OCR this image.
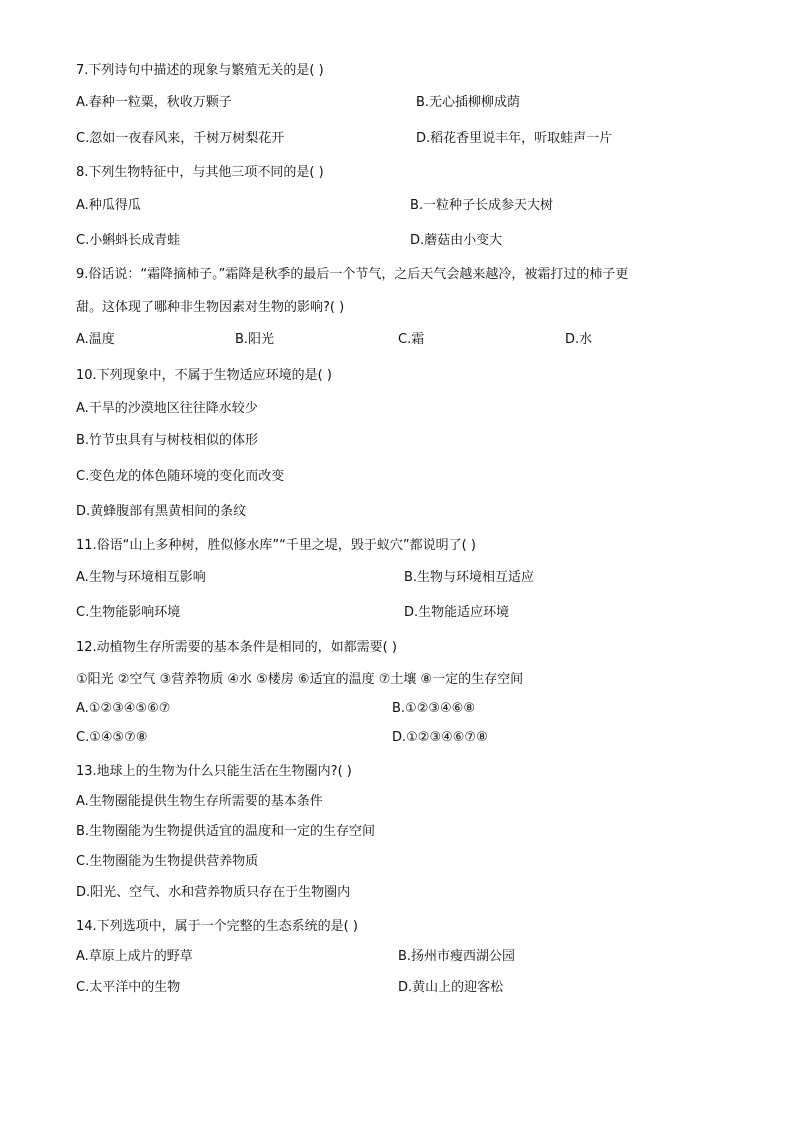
7.下列诗句中描述的现象与繁殖无关的是( )
A.春种一粒粟，秋收万颗子	B.无心插柳柳成荫
C.忽如一夜春风来，千树万树梨花开	D.稻花香里说丰年，听取蛙声一片
8.下列生物特征中，与其他三项不同的是( )
A.种瓜得瓜	B.一粒种子长成参天大树
C.小蝌蚪长成青蛙	D.蘑菇由小变大
9.俗话说：“霜降摘柿子。”霜降是秋季的最后一个节气，之后天气会越来越冷，被霜打过的柿子更
甜。这体现了哪种非生物因素对生物的影响?( )
A.温度	B.阳光	C.霜	D.水
10.下列现象中，不属于生物适应环境的是( )
A.干旱的沙漠地区往往降水较少
B.竹节虫具有与树枝相似的体形
C.变色龙的体色随环境的变化而改变
D.黄蜂腹部有黑黄相间的条纹
11.俗语“山上多种树，胜似修水库”“千里之堤，毁于蚁穴”都说明了( )
A.生物与环境相互影响	B.生物与环境相互适应
C.生物能影响环境	D.生物能适应环境
12.动植物生存所需要的基本条件是相同的，如都需要( )
①阳光 ②空气 ③营养物质 ④水 ⑤楼房 ⑥适宜的温度 ⑦土壤 ⑧一定的生存空间
A.①②③④⑤⑥⑦	B.①②③④⑥⑧
C.①④⑤⑦⑧	D.①②③④⑥⑦⑧
13.地球上的生物为什么只能生活在生物圈内?( )
A.生物圈能提供生物生存所需要的基本条件
B.生物圈能为生物提供适宜的温度和一定的生存空间
C.生物圈能为生物提供营养物质
D.阳光、空气、水和营养物质只存在于生物圈内
14.下列选项中，属于一个完整的生态系统的是( )
A.草原上成片的野草	B.扬州市瘦西湖公园
C.太平洋中的生物	D.黄山上的迎客松
